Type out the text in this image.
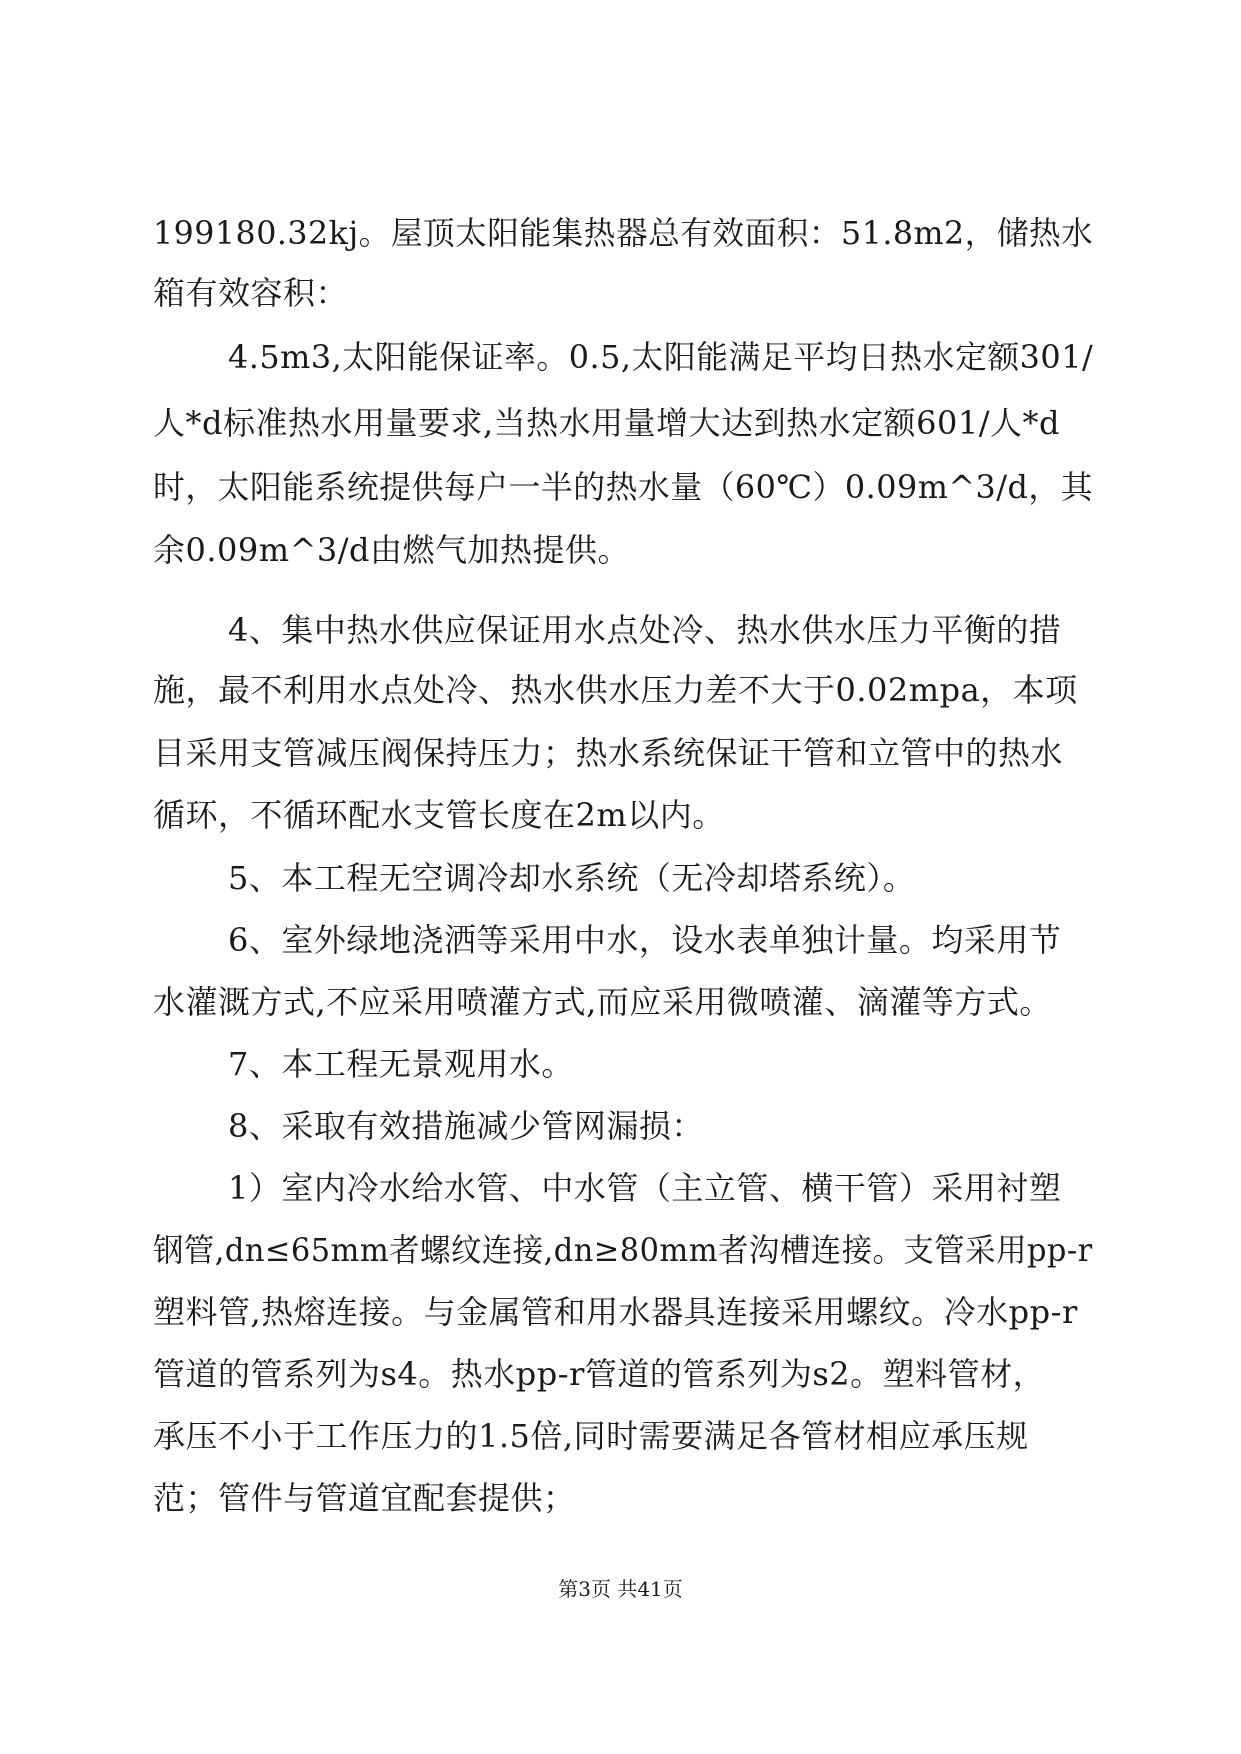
199180.32kj。屋顶太阳能集热器总有效面积：51.8m2，储热水
箱有效容积：
4.5m3,太阳能保证率。0.5,太阳能满足平均日热水定额301/
人*d标准热水用量要求,当热水用量增大达到热水定额601/人*d
时，太阳能系统提供每户一半的热水量（60℃）0.09m^3/d，其
余0.09m^3/d由燃气加热提供。
4、集中热水供应保证用水点处冷、热水供水压力平衡的措
施，最不利用水点处冷、热水供水压力差不大于0.02mpa，本项
目采用支管减压阀保持压力；热水系统保证干管和立管中的热水
循环，不循环配水支管长度在2m以内。
5、本工程无空调冷却水系统（无冷却塔系统）。
6、室外绿地浇洒等采用中水，设水表单独计量。均采用节
水灌溉方式,不应采用喷灌方式,而应采用微喷灌、滴灌等方式。
7、本工程无景观用水。
8、采取有效措施减少管网漏损：
1）室内冷水给水管、中水管（主立管、横干管）采用衬塑
钢管,dn≤65mm者螺纹连接,dn≥80mm者沟槽连接。支管采用pp-r
塑料管,热熔连接。与金属管和用水器具连接采用螺纹。冷水pp-r
管道的管系列为s4。热水pp-r管道的管系列为s2。塑料管材，
承压不小于工作压力的1.5倍,同时需要满足各管材相应承压规
范；管件与管道宜配套提供；
第3页 共41页
